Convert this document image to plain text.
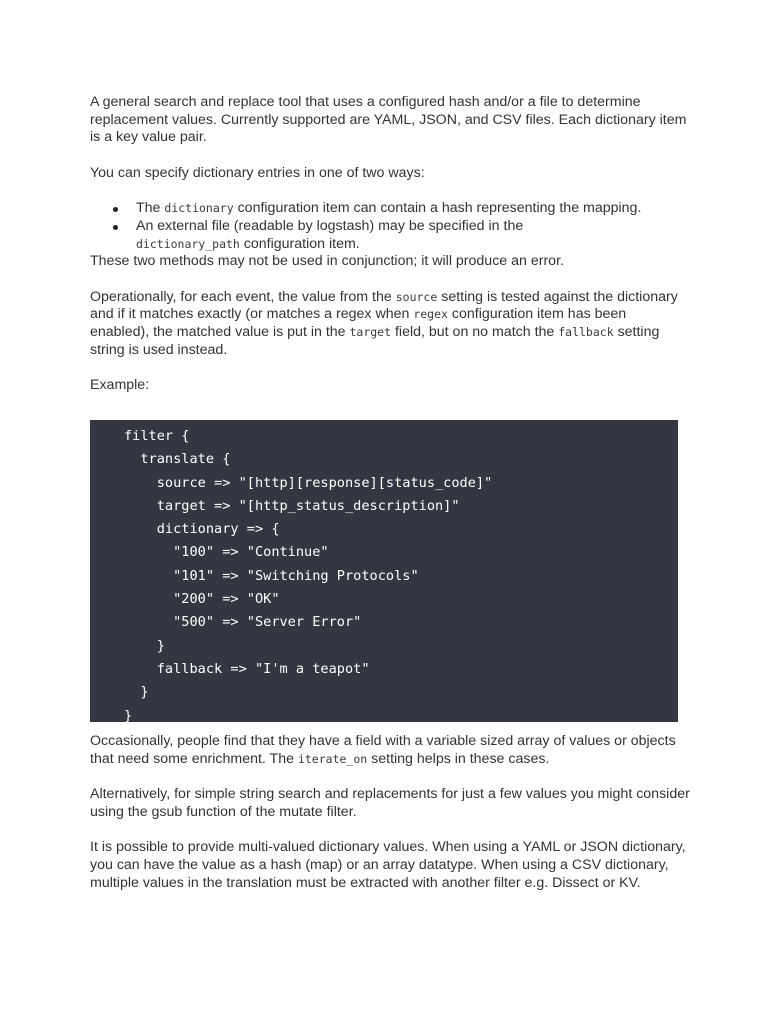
A general search and replace tool that uses a configured hash and/or a file to determine replacement values. Currently supported are YAML, JSON, and CSV files. Each dictionary item is a key value pair.

You can specify dictionary entries in one of two ways:

The dictionary configuration item can contain a hash representing the mapping.
An external file (readable by logstash) may be specified in the dictionary_path configuration item.

These two methods may not be used in conjunction; it will produce an error.

Operationally, for each event, the value from the source setting is tested against the dictionary and if it matches exactly (or matches a regex when regex configuration item has been enabled), the matched value is put in the target field, but on no match the fallback setting string is used instead.

Example:

filter {
translate {
source => "[http][response][status_code]"
target => "[http_status_description]"
dictionary => {
"100" => "Continue"
"101" => "Switching Protocols"
"200" => "OK"
"500" => "Server Error"
}
fallback => "I'm a teapot"
}
}

Occasionally, people find that they have a field with a variable sized array of values or objects that need some enrichment. The iterate_on setting helps in these cases.

Alternatively, for simple string search and replacements for just a few values you might consider using the gsub function of the mutate filter.

It is possible to provide multi-valued dictionary values. When using a YAML or JSON dictionary, you can have the value as a hash (map) or an array datatype. When using a CSV dictionary, multiple values in the translation must be extracted with another filter e.g. Dissect or KV.
